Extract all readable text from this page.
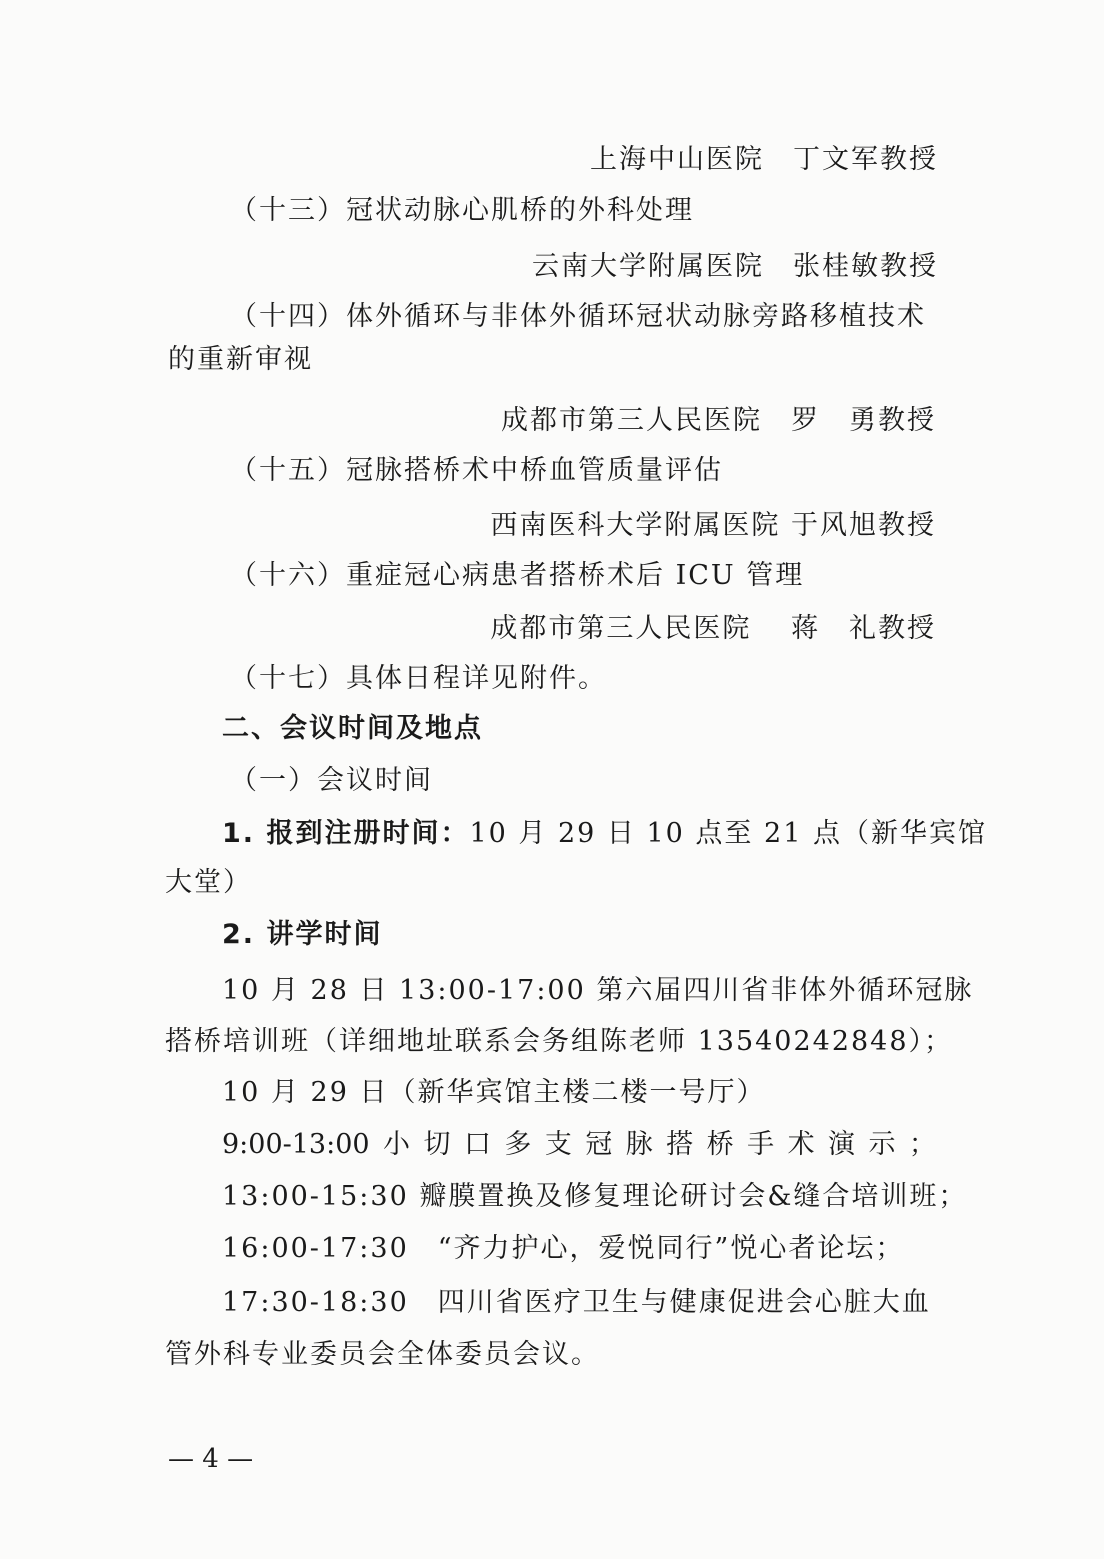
上海中山医院　丁文军教授
（十三）冠状动脉心肌桥的外科处理
云南大学附属医院　张桂敏教授
（十四）体外循环与非体外循环冠状动脉旁路移植技术
的重新审视
成都市第三人民医院　罗　勇教授
（十五）冠脉搭桥术中桥血管质量评估
西南医科大学附属医院 于风旭教授
（十六）重症冠心病患者搭桥术后 ICU 管理
成都市第三人民医院　 蒋　礼教授
（十七）具体日程详见附件。
二、会议时间及地点
（一）会议时间
1. 报到注册时间：10 月 29 日 10 点至 21 点（新华宾馆
大堂）
2. 讲学时间
10 月 28 日 13:00-17:00 第六届四川省非体外循环冠脉
搭桥培训班（详细地址联系会务组陈老师 13540242848）；
10 月 29 日（新华宾馆主楼二楼一号厅）
9:00-13:00 小 切 口 多 支 冠 脉 搭 桥 手 术 演 示 ；
13:00-15:30 瓣膜置换及修复理论研讨会&缝合培训班；
16:00-17:30　“齐力护心，爱悦同行”悦心者论坛；
17:30-18:30　四川省医疗卫生与健康促进会心脏大血
管外科专业委员会全体委员会议。
— 4 —
